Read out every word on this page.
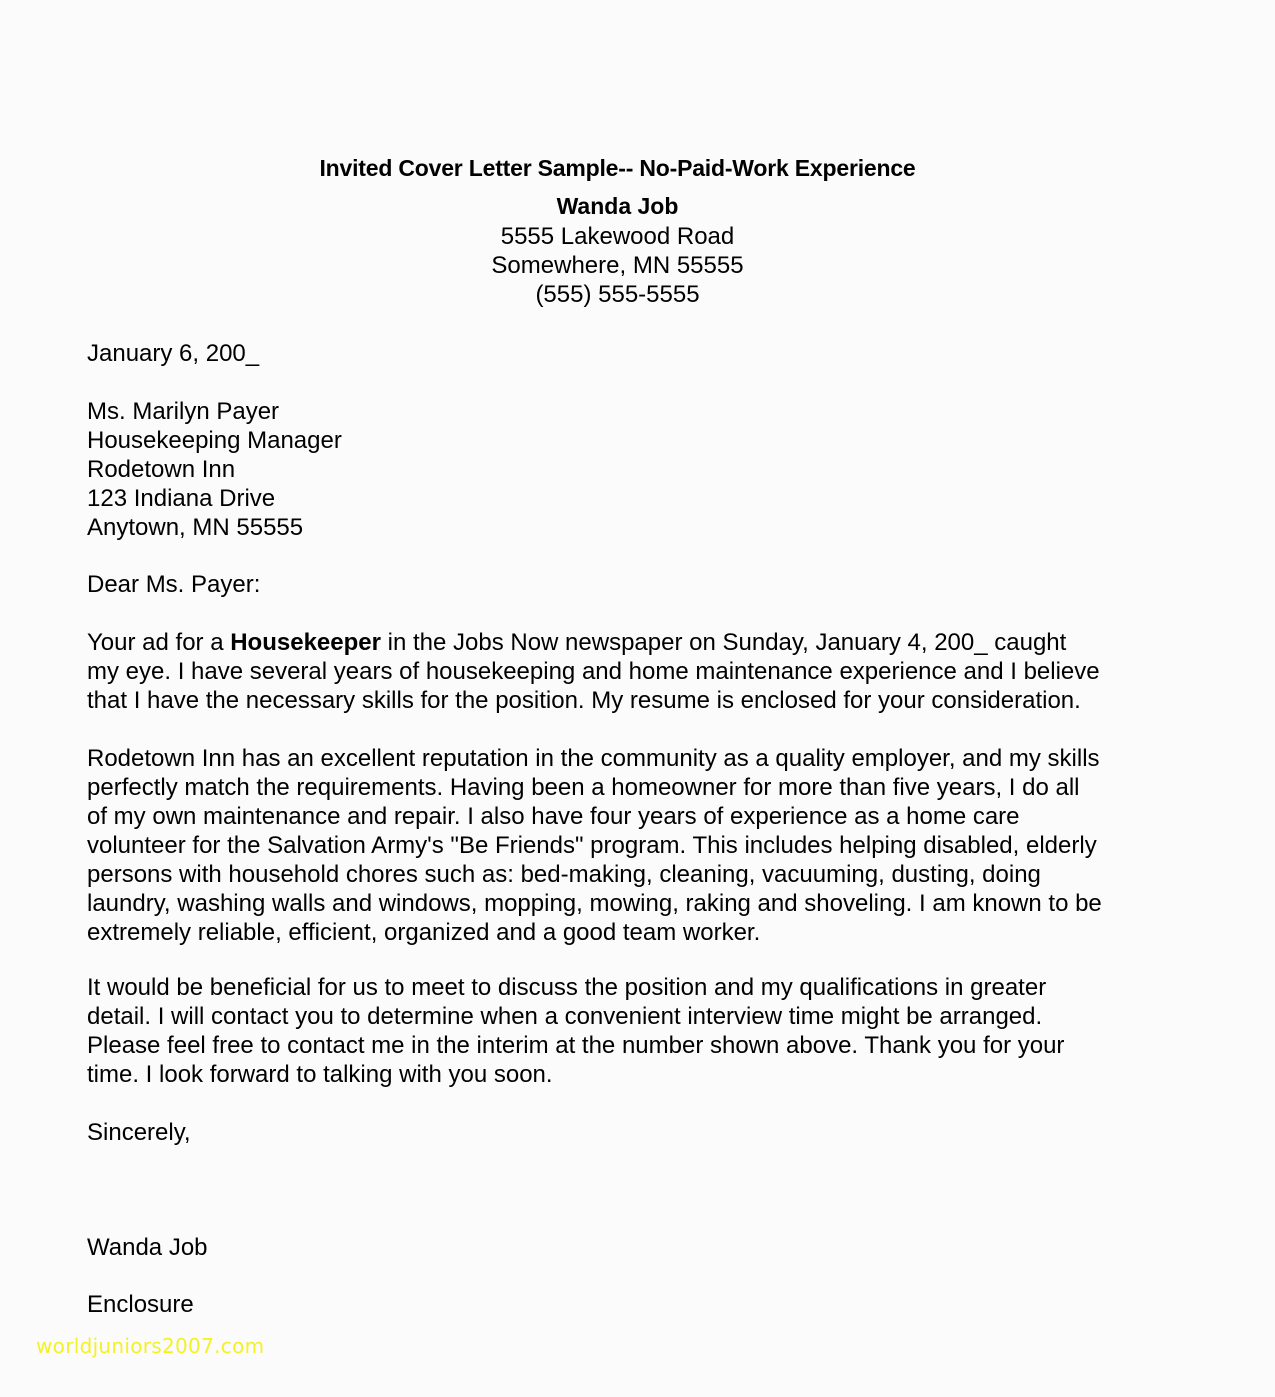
Invited Cover Letter Sample-- No-Paid-Work Experience
Wanda Job
5555 Lakewood Road
Somewhere, MN 55555
(555) 555-5555
January 6, 200_
Ms. Marilyn Payer
Housekeeping Manager
Rodetown Inn
123 Indiana Drive
Anytown, MN 55555
Dear Ms. Payer:
Your ad for a Housekeeper in the Jobs Now newspaper on Sunday, January 4, 200_ caught
my eye. I have several years of housekeeping and home maintenance experience and I believe
that I have the necessary skills for the position. My resume is enclosed for your consideration.
Rodetown Inn has an excellent reputation in the community as a quality employer, and my skills
perfectly match the requirements. Having been a homeowner for more than five years, I do all
of my own maintenance and repair. I also have four years of experience as a home care
volunteer for the Salvation Army's "Be Friends" program. This includes helping disabled, elderly
persons with household chores such as: bed-making, cleaning, vacuuming, dusting, doing
laundry, washing walls and windows, mopping, mowing, raking and shoveling. I am known to be
extremely reliable, efficient, organized and a good team worker.
It would be beneficial for us to meet to discuss the position and my qualifications in greater
detail. I will contact you to determine when a convenient interview time might be arranged.
Please feel free to contact me in the interim at the number shown above. Thank you for your
time. I look forward to talking with you soon.
Sincerely,
Wanda Job
Enclosure
worldjuniors2007.com
